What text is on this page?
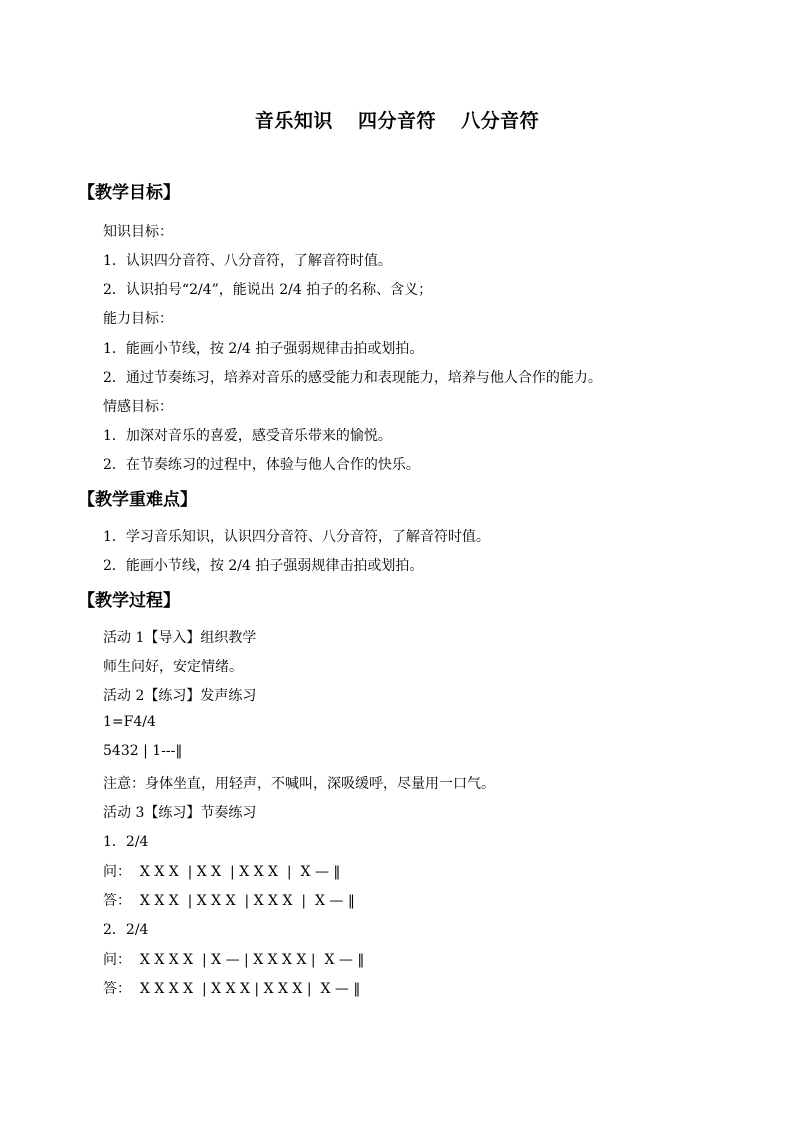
音乐知识 四分音符 八分音符
【教学目标】
知识目标：
1．认识四分音符、八分音符，了解音符时值。
2．认识拍号“2/4”，能说出 2/4 拍子的名称、含义；
能力目标：
1．能画小节线，按 2/4 拍子强弱规律击拍或划拍。
2．通过节奏练习，培养对音乐的感受能力和表现能力，培养与他人合作的能力。
情感目标：
1．加深对音乐的喜爱，感受音乐带来的愉悦。
2．在节奏练习的过程中，体验与他人合作的快乐。
【教学重难点】
1．学习音乐知识，认识四分音符、八分音符，了解音符时值。
2．能画小节线，按 2/4 拍子强弱规律击拍或划拍。
【教学过程】
活动 1【导入】组织教学
师生问好，安定情绪。
活动 2【练习】发声练习
1=F4/4
5432 | 1---‖
注意：身体坐直，用轻声，不喊叫，深吸缓呼，尽量用一口气。
活动 3【练习】节奏练习
1．2/4
问：  X X X  | X X  | X X X  |  X — ‖
答：  X X X  | X X X  | X X X  |  X — ‖
2．2/4
问：  X X X X  | X — | X X X X |  X — ‖
答：  X X X X  | X X X | X X X |  X — ‖
